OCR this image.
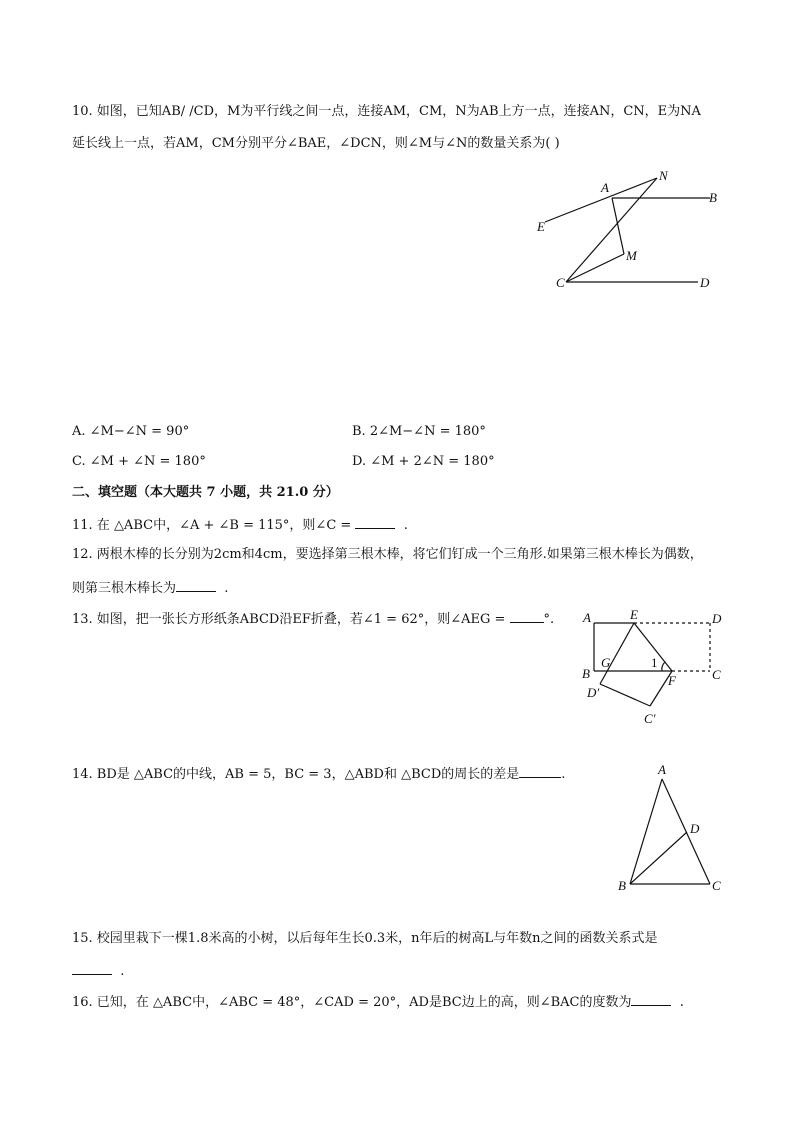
10. 如图，已知AB/ /CD，M为平行线之间一点，连接AM，CM，N为AB上方一点，连接AN，CN，E为NA
延长线上一点，若AM，CM分别平分∠BAE，∠DCN，则∠M与∠N的数量关系为( )
A
N
B
E
M
C	D
A. ∠M−∠N = 90°	B. 2∠M−∠N = 180°
C. ∠M + ∠N = 180°	D. ∠M + 2∠N = 180°
二、填空题（本大题共 7 小题，共 21.0 分）
11. 在 △ABC中，∠A + ∠B = 115°，则∠C =	.
12. 两根木棒的长分别为2cm和4cm，要选择第三根木棒，将它们钉成一个三角形.如果第三根木棒长为偶数，
则第三根木棒长为	.
13. 如图，把一张长方形纸条ABCD沿EF折叠，若∠1 = 62°，则∠AEG =	°. A	E	D
B
G	1
F	C
D′
C′
14. BD是 △ABC的中线，AB = 5，BC = 3，△ABD和 △BCD的周长的差是	.	A
D
B	C
15. 校园里栽下一棵1.8米高的小树，以后每年生长0.3米，n年后的树高L与年数n之间的函数关系式是
.
16. 已知，在 △ABC中，∠ABC = 48°，∠CAD = 20°，AD是BC边上的高，则∠BAC的度数为	.
